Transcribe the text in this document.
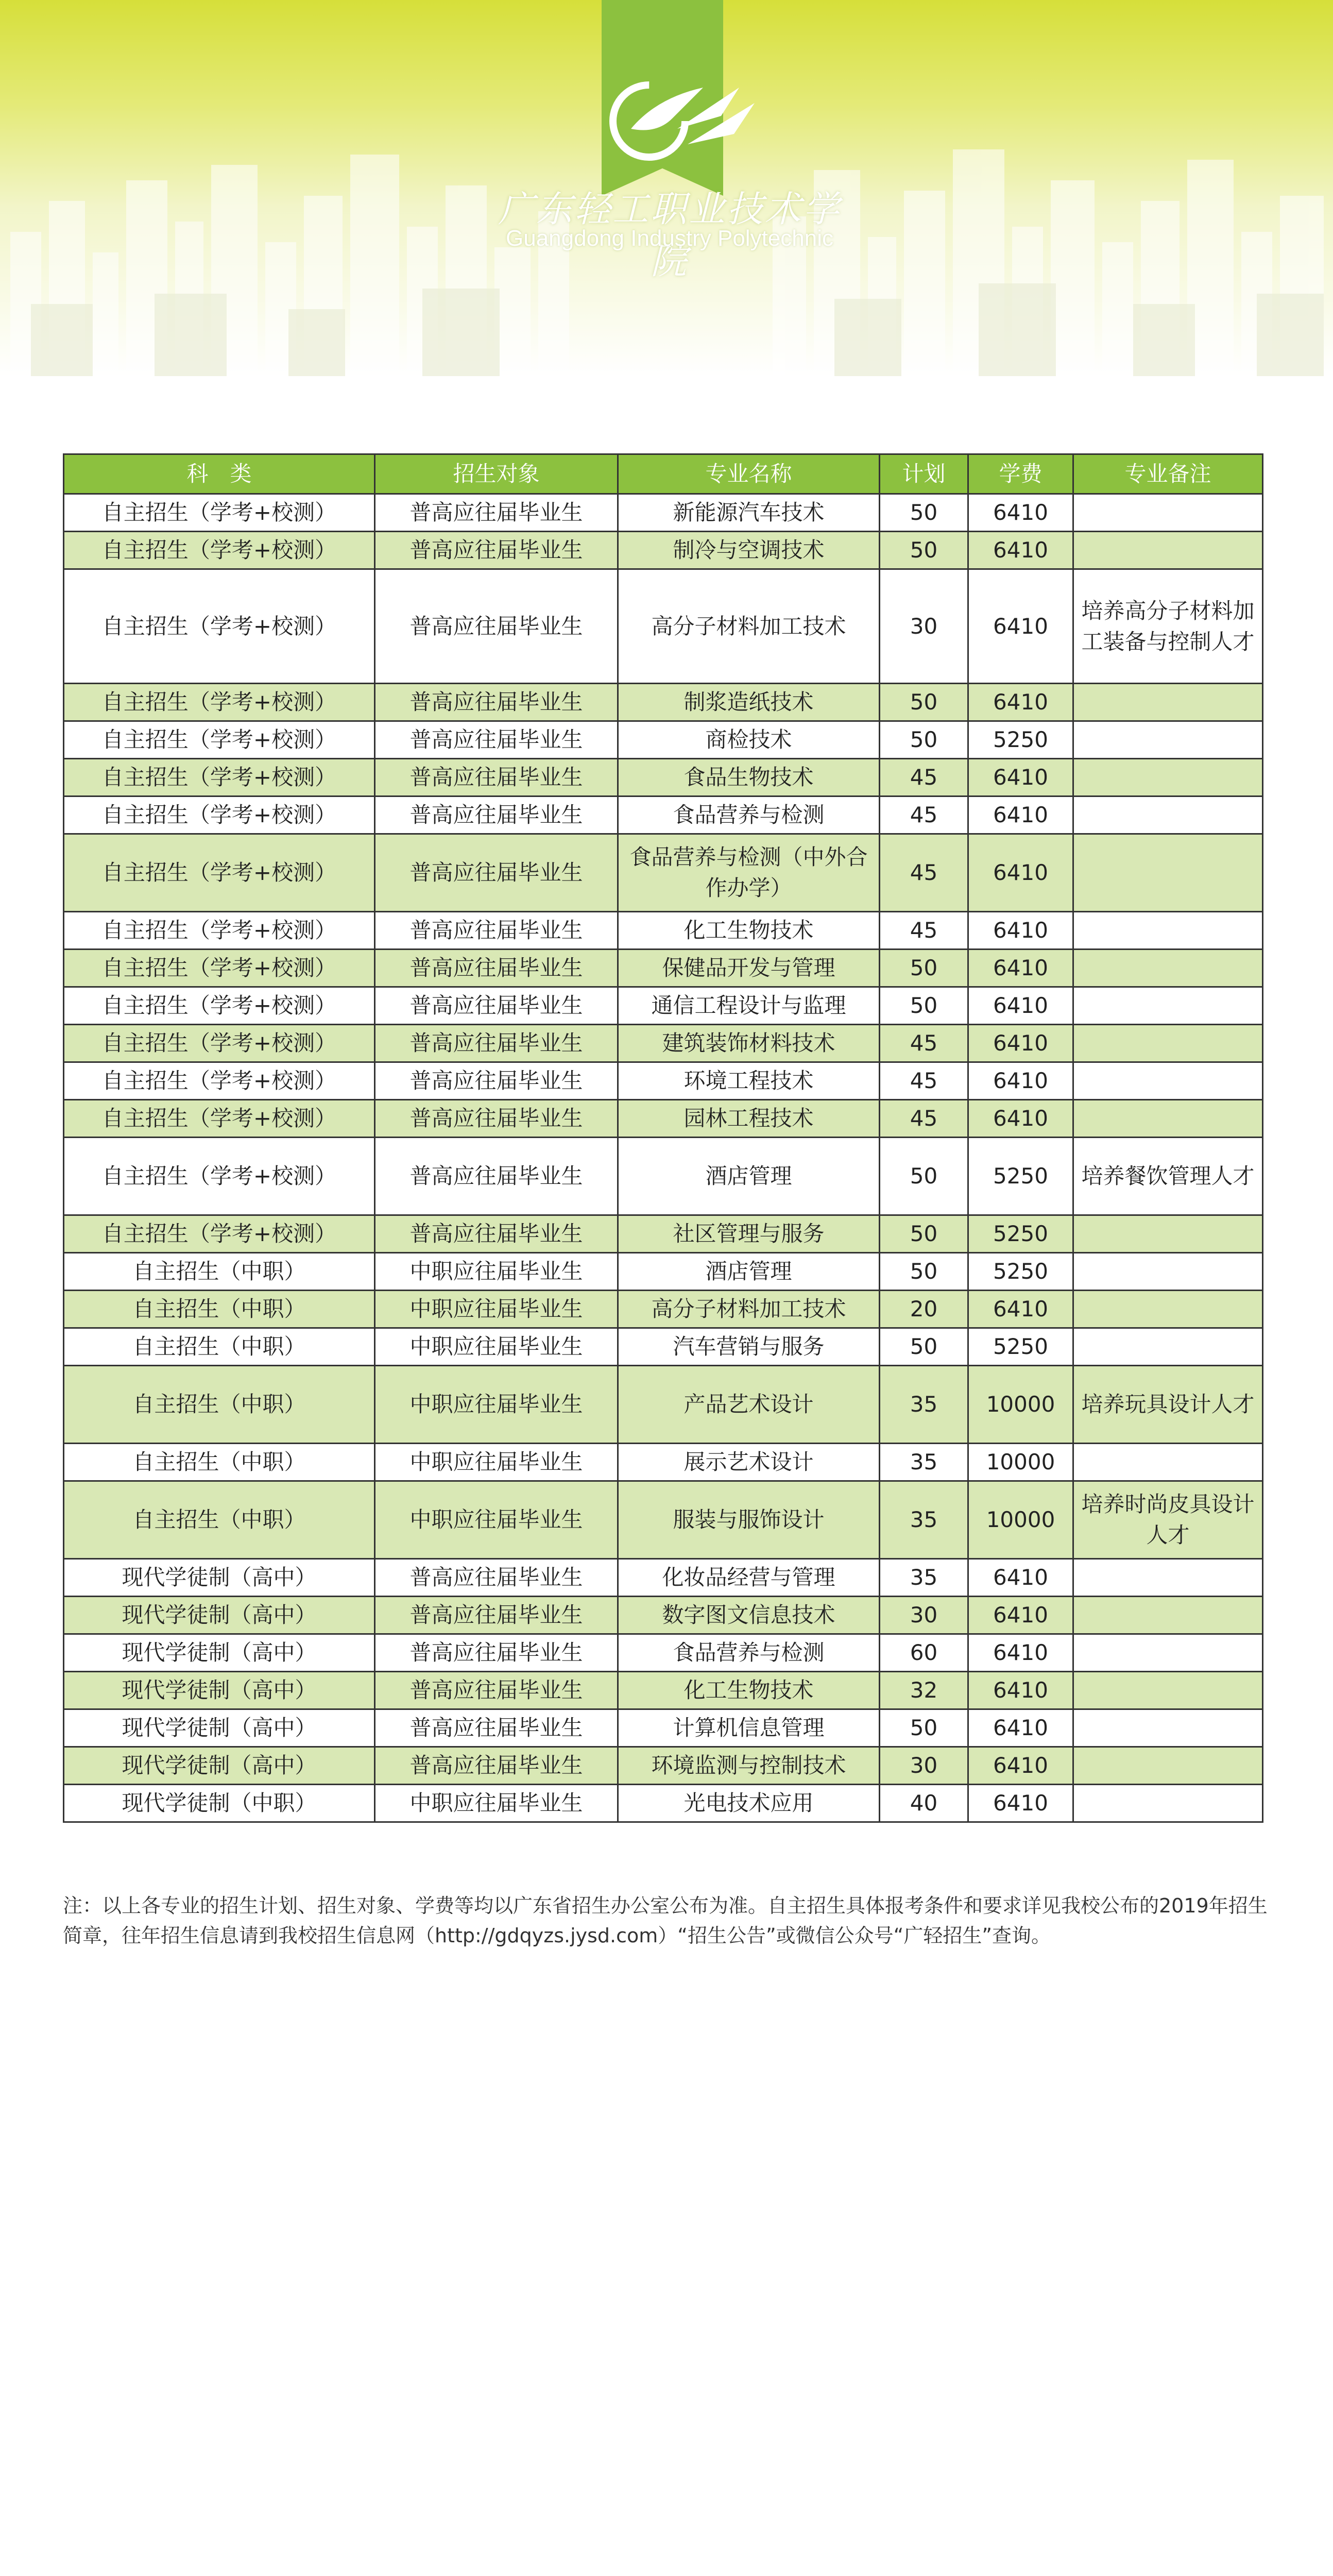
广东轻工职业技术学院
Guangdong Industry Polytechnic
科　类	招生对象	专业名称	计划	学费	专业备注
自主招生（学考+校测）	普高应往届毕业生	新能源汽车技术	50	6410	
自主招生（学考+校测）	普高应往届毕业生	制冷与空调技术	50	6410	
自主招生（学考+校测）	普高应往届毕业生	高分子材料加工技术	30	6410	培养高分子材料加工装备与控制人才
自主招生（学考+校测）	普高应往届毕业生	制浆造纸技术	50	6410	
自主招生（学考+校测）	普高应往届毕业生	商检技术	50	5250	
自主招生（学考+校测）	普高应往届毕业生	食品生物技术	45	6410	
自主招生（学考+校测）	普高应往届毕业生	食品营养与检测	45	6410	
自主招生（学考+校测）	普高应往届毕业生	食品营养与检测（中外合作办学）	45	6410	
自主招生（学考+校测）	普高应往届毕业生	化工生物技术	45	6410	
自主招生（学考+校测）	普高应往届毕业生	保健品开发与管理	50	6410	
自主招生（学考+校测）	普高应往届毕业生	通信工程设计与监理	50	6410	
自主招生（学考+校测）	普高应往届毕业生	建筑装饰材料技术	45	6410	
自主招生（学考+校测）	普高应往届毕业生	环境工程技术	45	6410	
自主招生（学考+校测）	普高应往届毕业生	园林工程技术	45	6410	
自主招生（学考+校测）	普高应往届毕业生	酒店管理	50	5250	培养餐饮管理人才
自主招生（学考+校测）	普高应往届毕业生	社区管理与服务	50	5250	
自主招生（中职）	中职应往届毕业生	酒店管理	50	5250	
自主招生（中职）	中职应往届毕业生	高分子材料加工技术	20	6410	
自主招生（中职）	中职应往届毕业生	汽车营销与服务	50	5250	
自主招生（中职）	中职应往届毕业生	产品艺术设计	35	10000	培养玩具设计人才
自主招生（中职）	中职应往届毕业生	展示艺术设计	35	10000	
自主招生（中职）	中职应往届毕业生	服装与服饰设计	35	10000	培养时尚皮具设计人才
现代学徒制（高中）	普高应往届毕业生	化妆品经营与管理	35	6410	
现代学徒制（高中）	普高应往届毕业生	数字图文信息技术	30	6410	
现代学徒制（高中）	普高应往届毕业生	食品营养与检测	60	6410	
现代学徒制（高中）	普高应往届毕业生	化工生物技术	32	6410	
现代学徒制（高中）	普高应往届毕业生	计算机信息管理	50	6410	
现代学徒制（高中）	普高应往届毕业生	环境监测与控制技术	30	6410	
现代学徒制（中职）	中职应往届毕业生	光电技术应用	40	6410	
注：以上各专业的招生计划、招生对象、学费等均以广东省招生办公室公布为准。自主招生具体报考条件和要求详见我校公布的2019年招生简章，往年招生信息请到我校招生信息网（http://gdqyzs.jysd.com）“招生公告”或微信公众号“广轻招生”查询。
